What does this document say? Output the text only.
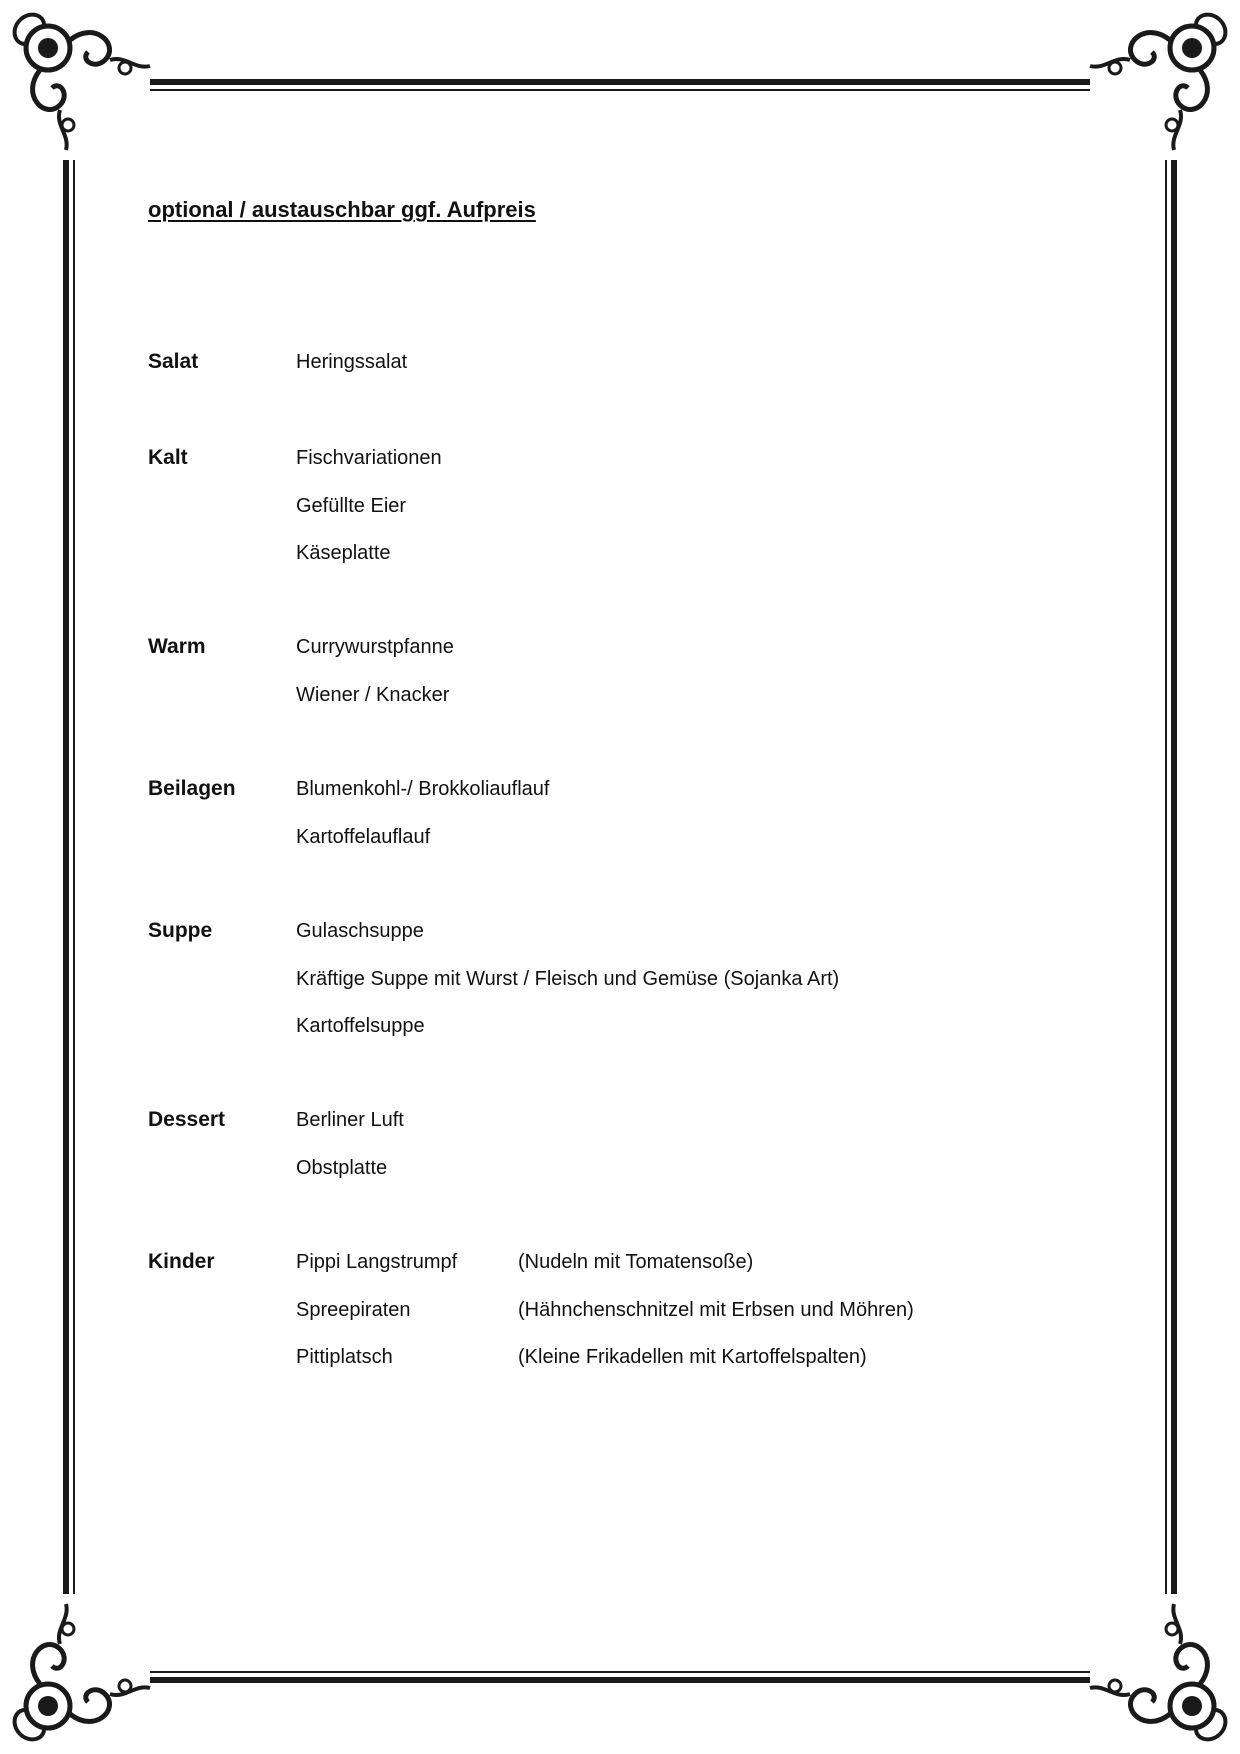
optional / austauschbar ggf. Aufpreis
Salat	Heringssalat
Kalt	Fischvariationen
Gefüllte Eier
Käseplatte
Warm	Currywurstpfanne
Wiener / Knacker
Beilagen	Blumenkohl-/ Brokkoliauflauf
Kartoffelauflauf
Suppe	Gulaschsuppe
Kräftige Suppe mit Wurst / Fleisch und Gemüse (Sojanka Art)
Kartoffelsuppe
Dessert	Berliner Luft
Obstplatte
Kinder	Pippi Langstrumpf	(Nudeln mit Tomatensoße)
Spreepiraten	(Hähnchenschnitzel mit Erbsen und Möhren)
Pittiplatsch	(Kleine Frikadellen mit Kartoffelspalten)
